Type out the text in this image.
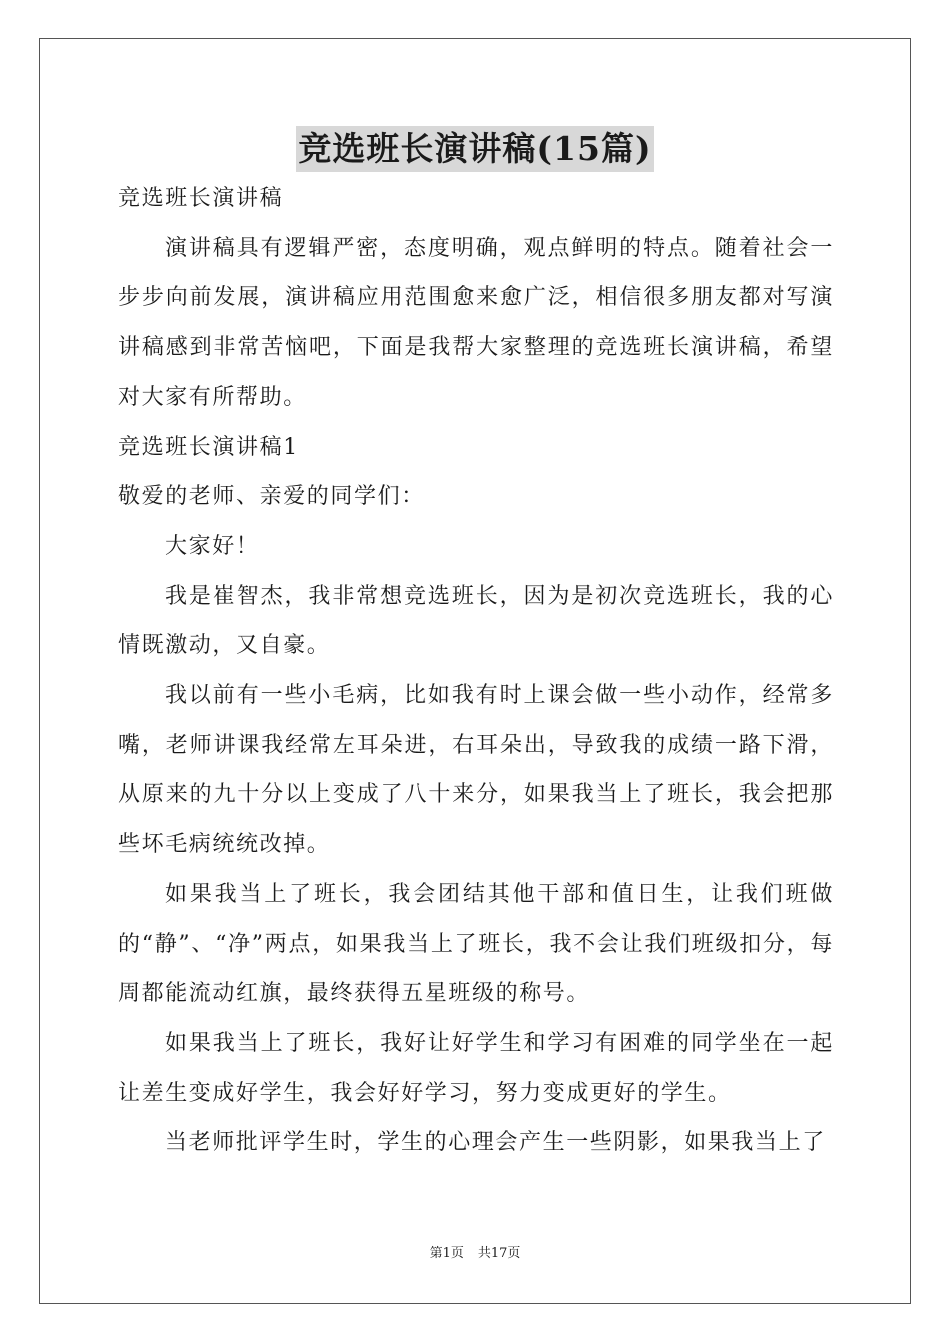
竞选班长演讲稿(15篇)

竞选班长演讲稿

演讲稿具有逻辑严密，态度明确，观点鲜明的特点。随着社会一步步向前发展，演讲稿应用范围愈来愈广泛，相信很多朋友都对写演讲稿感到非常苦恼吧，下面是我帮大家整理的竞选班长演讲稿，希望对大家有所帮助。

竞选班长演讲稿1

敬爱的老师、亲爱的同学们：

大家好！

我是崔智杰，我非常想竞选班长，因为是初次竞选班长，我的心情既激动，又自豪。

我以前有一些小毛病，比如我有时上课会做一些小动作，经常多嘴，老师讲课我经常左耳朵进，右耳朵出，导致我的成绩一路下滑，从原来的九十分以上变成了八十来分，如果我当上了班长，我会把那些坏毛病统统改掉。

如果我当上了班长，我会团结其他干部和值日生，让我们班做的“静”、“净”两点，如果我当上了班长，我不会让我们班级扣分，每周都能流动红旗，最终获得五星班级的称号。

如果我当上了班长，我好让好学生和学习有困难的同学坐在一起让差生变成好学生，我会好好学习，努力变成更好的学生。

当老师批评学生时，学生的心理会产生一些阴影，如果我当上了

第1页 共17页
